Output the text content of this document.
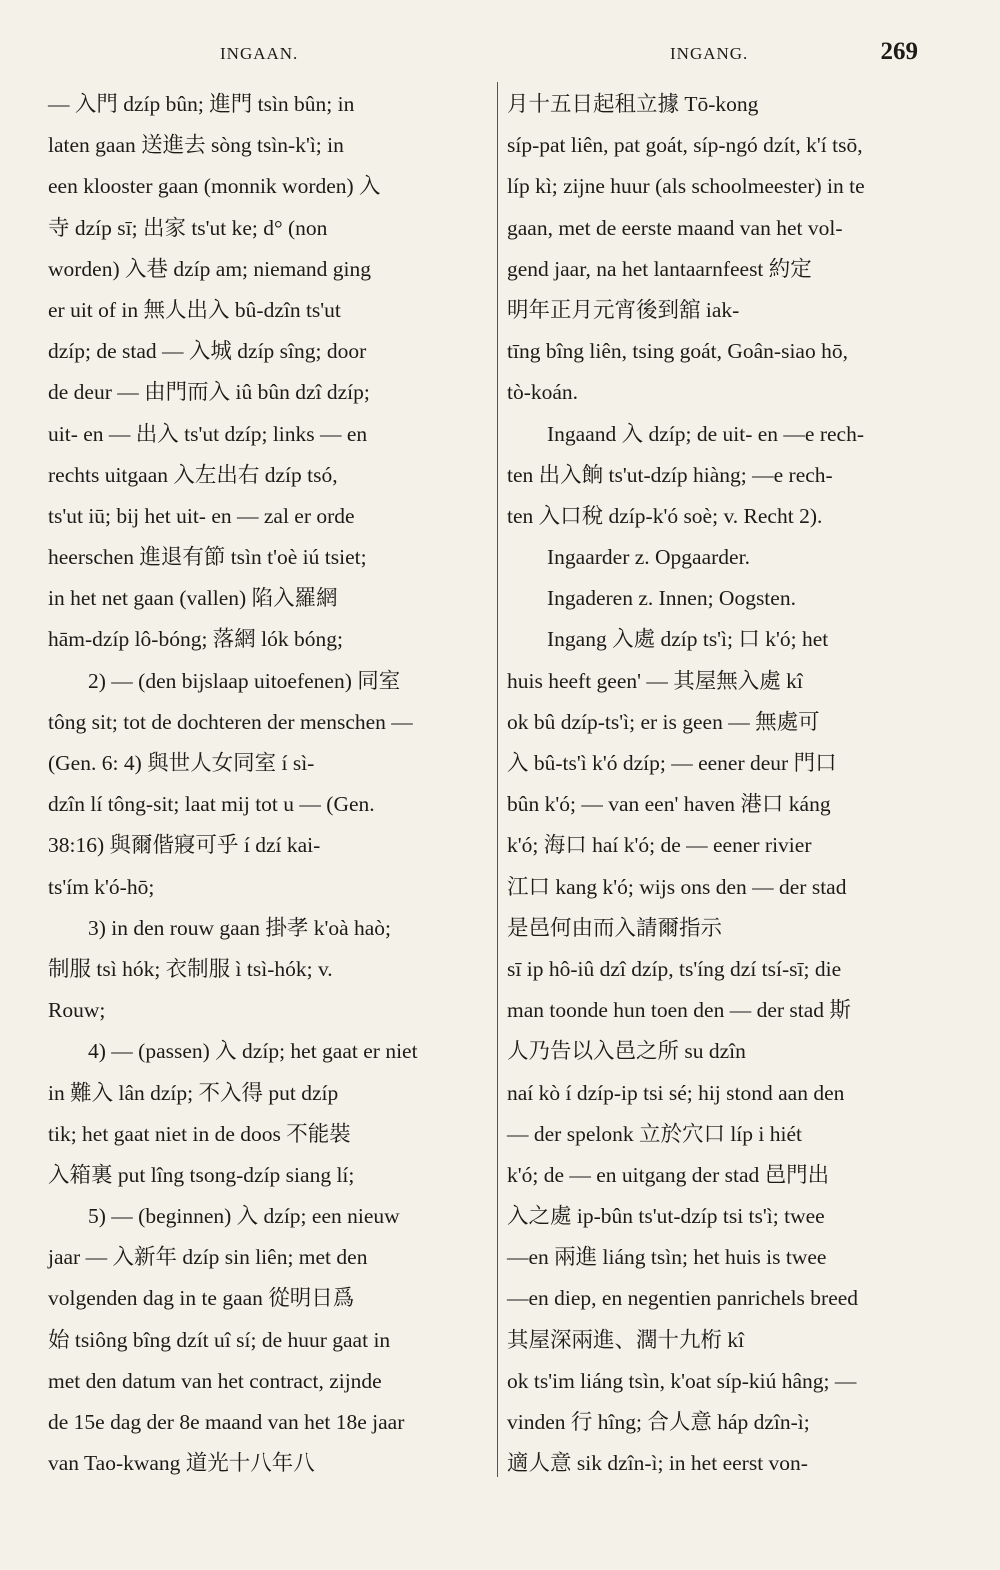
INGAAN.	INGANG.	269
— 入門 dzíp bûn; 進門 tsìn bûn; in
laten gaan 送進去 sòng tsìn-k'ì; in
een klooster gaan (monnik worden) 入
寺 dzíp sī; 出家 ts'ut ke; d° (non
worden) 入巷 dzíp am; niemand ging
er uit of in 無人出入 bû-dzîn ts'ut
dzíp; de stad — 入城 dzíp sîng; door
de deur — 由門而入 iû bûn dzî dzíp;
uit- en — 出入 ts'ut dzíp; links — en
rechts uitgaan 入左出右 dzíp tsó,
ts'ut iū; bij het uit- en — zal er orde
heerschen 進退有節 tsìn t'oè iú tsiet;
in het net gaan (vallen) 陷入羅網
hām-dzíp lô-bóng; 落網 lók bóng;
2) — (den bijslaap uitoefenen) 同室
tông sit; tot de dochteren der menschen —
(Gen. 6: 4) 與世人女同室 í sì-
dzîn lí tông-sit; laat mij tot u — (Gen.
38:16) 與爾偕寢可乎 í dzí kai-
ts'ím k'ó-hō;
3) in den rouw gaan 掛孝 k'oà haò;
制服 tsì hók; 衣制服 ì tsì-hók; v.
Rouw;
4) — (passen) 入 dzíp; het gaat er niet
in 難入 lân dzíp; 不入得 put dzíp
tik; het gaat niet in de doos 不能裝
入箱裏 put lîng tsong-dzíp siang lí;
5) — (beginnen) 入 dzíp; een nieuw
jaar — 入新年 dzíp sin liên; met den
volgenden dag in te gaan 從明日爲
始 tsiông bîng dzít uî sí; de huur gaat in
met den datum van het contract, zijnde
de 15e dag der 8e maand van het 18e jaar
van Tao-kwang 道光十八年八
月十五日起租立據 Tō-kong
síp-pat liên, pat goát, síp-ngó dzít, k'í tsō,
líp kì; zijne huur (als schoolmeester) in te
gaan, met de eerste maand van het vol-
gend jaar, na het lantaarnfeest 約定
明年正月元宵後到舘 iak-
tīng bîng liên, tsing goát, Goân-siao hō,
tò-koán.
Ingaand 入 dzíp; de uit- en —e rech-
ten 出入餉 ts'ut-dzíp hiàng; —e rech-
ten 入口稅 dzíp-k'ó soè; v. Recht 2).
Ingaarder z. Opgaarder.
Ingaderen z. Innen; Oogsten.
Ingang 入處 dzíp ts'ì; 口 k'ó; het
huis heeft geen' — 其屋無入處 kî
ok bû dzíp-ts'ì; er is geen — 無處可
入 bû-ts'ì k'ó dzíp; — eener deur 門口
bûn k'ó; — van een' haven 港口 káng
k'ó; 海口 haí k'ó; de — eener rivier
江口 kang k'ó; wijs ons den — der stad
是邑何由而入請爾指示
sī ip hô-iû dzî dzíp, ts'íng dzí tsí-sī; die
man toonde hun toen den — der stad 斯
人乃告以入邑之所 su dzîn
naí kò í dzíp-ip tsi sé; hij stond aan den
— der spelonk 立於穴口 líp i hiét
k'ó; de — en uitgang der stad 邑門出
入之處 ip-bûn ts'ut-dzíp tsi ts'ì; twee
—en 兩進 liáng tsìn; het huis is twee
—en diep, en negentien panrichels breed
其屋深兩進、濶十九桁 kî
ok ts'im liáng tsìn, k'oat síp-kiú hâng; —
vinden 行 hîng; 合人意 háp dzîn-ì;
適人意 sik dzîn-ì; in het eerst von-
